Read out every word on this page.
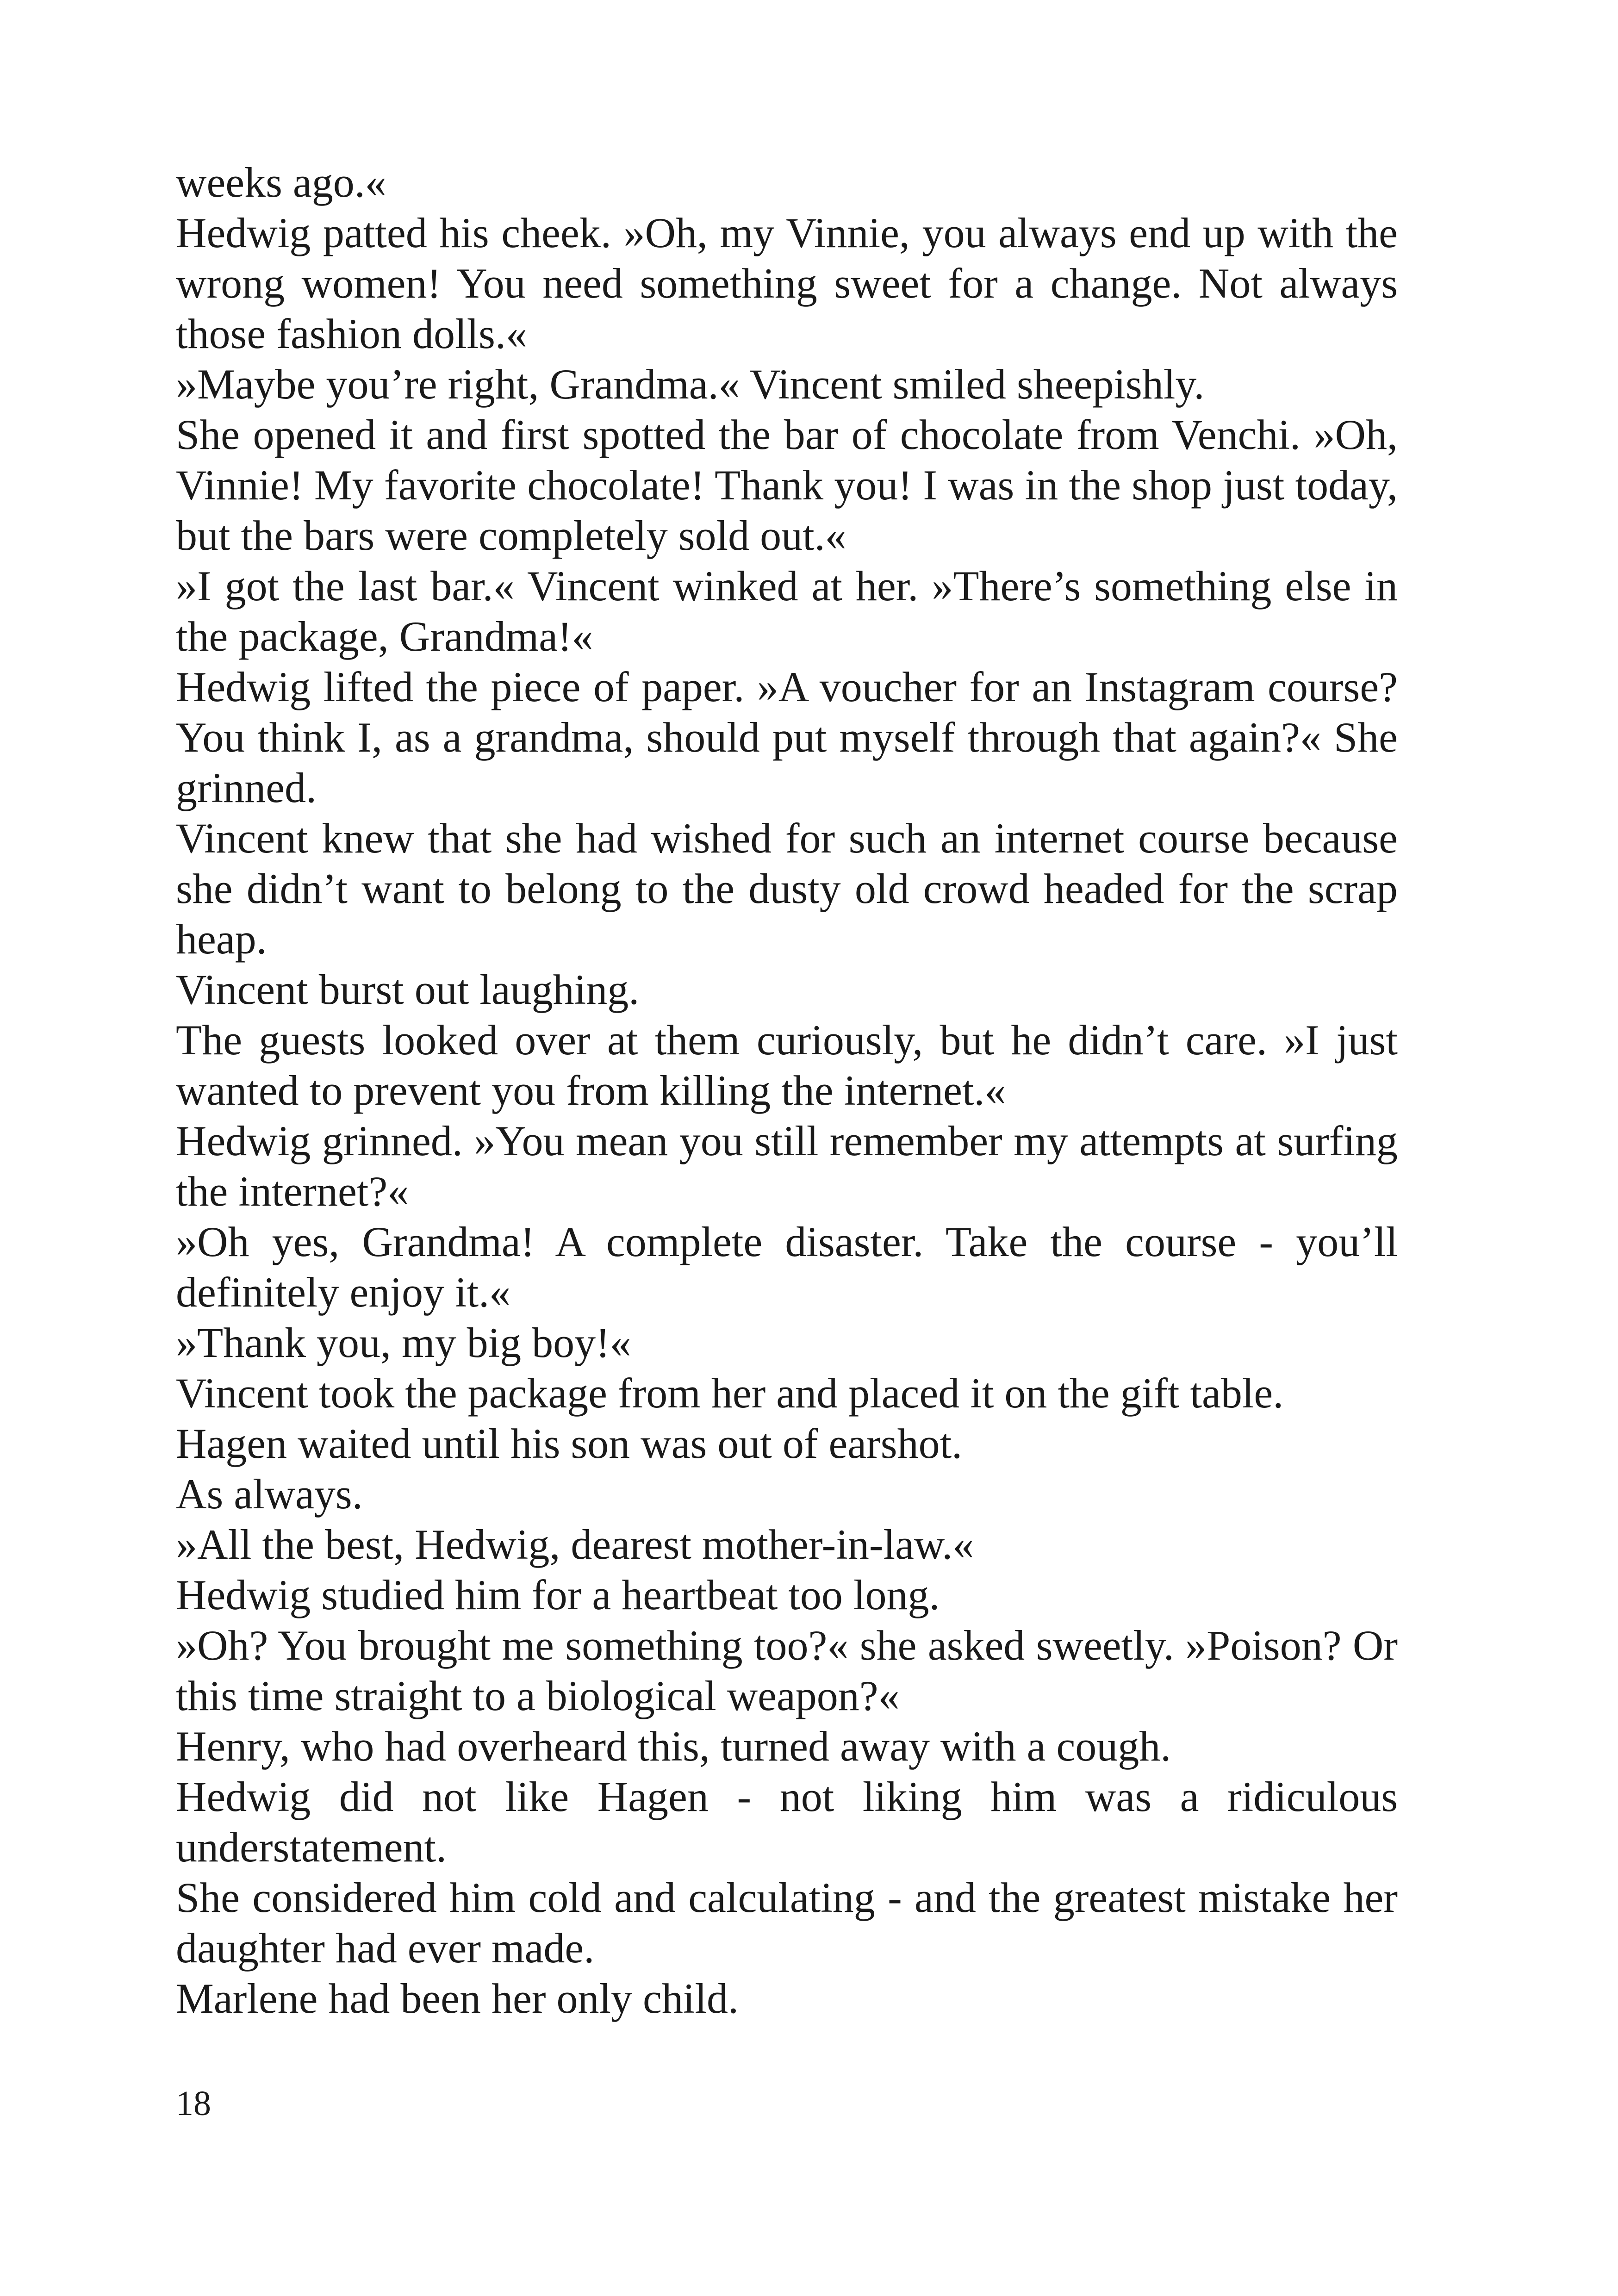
weeks ago.«

Hedwig patted his cheek. »Oh, my Vinnie, you always end up with the wrong women! You need something sweet for a change. Not always those fashion dolls.«

»Maybe you’re right, Grandma.« Vincent smiled sheepishly.

She opened it and first spotted the bar of chocolate from Venchi. »Oh, Vinnie! My favorite chocolate! Thank you! I was in the shop just today, but the bars were completely sold out.«

»I got the last bar.« Vincent winked at her. »There’s something else in the package, Grandma!«

Hedwig lifted the piece of paper. »A voucher for an Instagram course? You think I, as a grandma, should put myself through that again?« She grinned.

Vincent knew that she had wished for such an internet course because she didn’t want to belong to the dusty old crowd headed for the scrap heap.

Vincent burst out laughing.

The guests looked over at them curiously, but he didn’t care. »I just wanted to prevent you from killing the internet.«

Hedwig grinned. »You mean you still remember my attempts at surfing the internet?«

»Oh yes, Grandma! A complete disaster. Take the course - you’ll definitely enjoy it.«

»Thank you, my big boy!«

Vincent took the package from her and placed it on the gift table.

Hagen waited until his son was out of earshot.

As always.

»All the best, Hedwig, dearest mother-in-law.«

Hedwig studied him for a heartbeat too long.

»Oh? You brought me something too?« she asked sweetly. »Poison? Or this time straight to a biological weapon?«

Henry, who had overheard this, turned away with a cough.

Hedwig did not like Hagen - not liking him was a ridiculous understatement.

She considered him cold and calculating - and the greatest mistake her daughter had ever made.

Marlene had been her only child.

18
